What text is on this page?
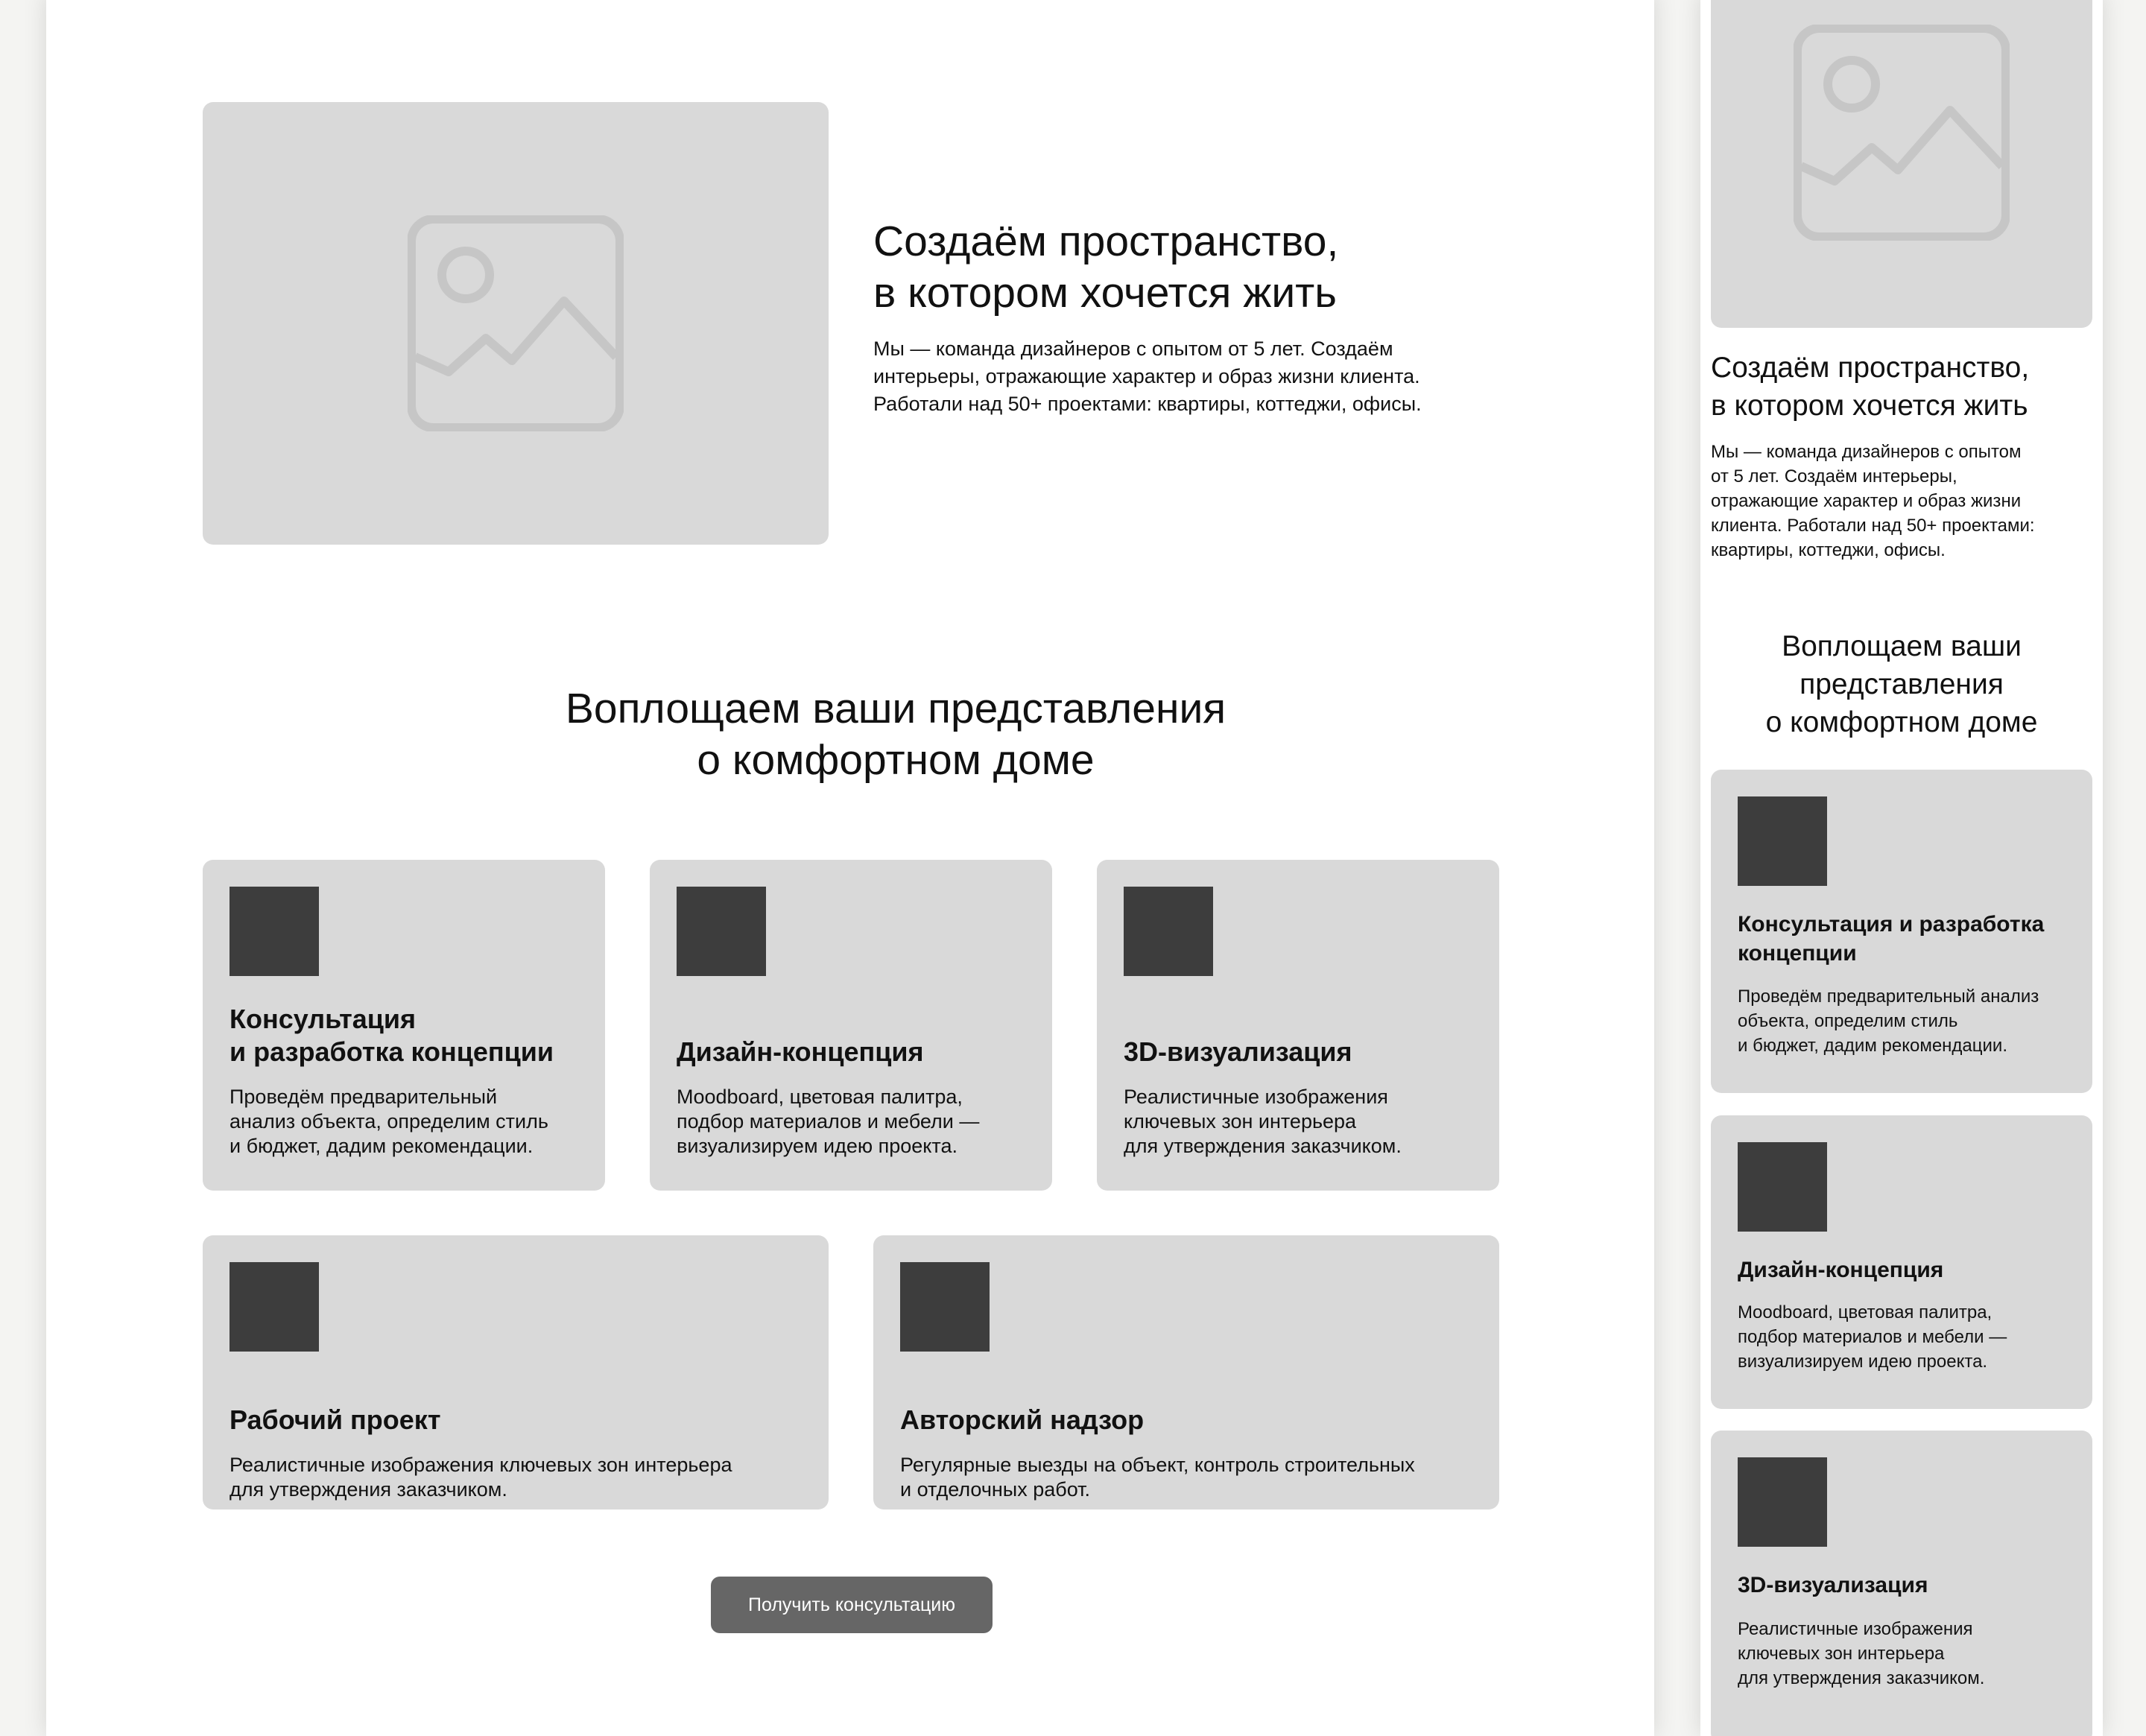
Создаём пространство,
в котором хочется жить

Мы — команда дизайнеров с опытом от 5 лет. Создаём
интерьеры, отражающие характер и образ жизни клиента.
Работали над 50+ проектами: квартиры, коттеджи, офисы.

Воплощаем ваши представления
о комфортном доме
Консультация
и разработка концепции

Проведём предварительный
анализ объекта, определим стиль
и бюджет, дадим рекомендации.

Дизайн-концепция

Moodboard, цветовая палитра,
подбор материалов и мебели —
визуализируем идею проекта.

3D-визуализация

Реалистичные изображения
ключевых зон интерьера
для утверждения заказчиком.

Рабочий проект

Реалистичные изображения ключевых зон интерьера
для утверждения заказчиком.

Авторский надзор

Регулярные выезды на объект, контроль строительных
и отделочных работ.

Получить консультацию
Создаём пространство,
в котором хочется жить

Мы — команда дизайнеров с опытом
от 5 лет. Создаём интерьеры,
отражающие характер и образ жизни
клиента. Работали над 50+ проектами:
квартиры, коттеджи, офисы.

Воплощаем ваши
представления
о комфортном доме
Консультация и разработка
концепции

Проведём предварительный анализ
объекта, определим стиль
и бюджет, дадим рекомендации.

Дизайн-концепция

Moodboard, цветовая палитра,
подбор материалов и мебели —
визуализируем идею проекта.

3D-визуализация

Реалистичные изображения
ключевых зон интерьера
для утверждения заказчиком.
